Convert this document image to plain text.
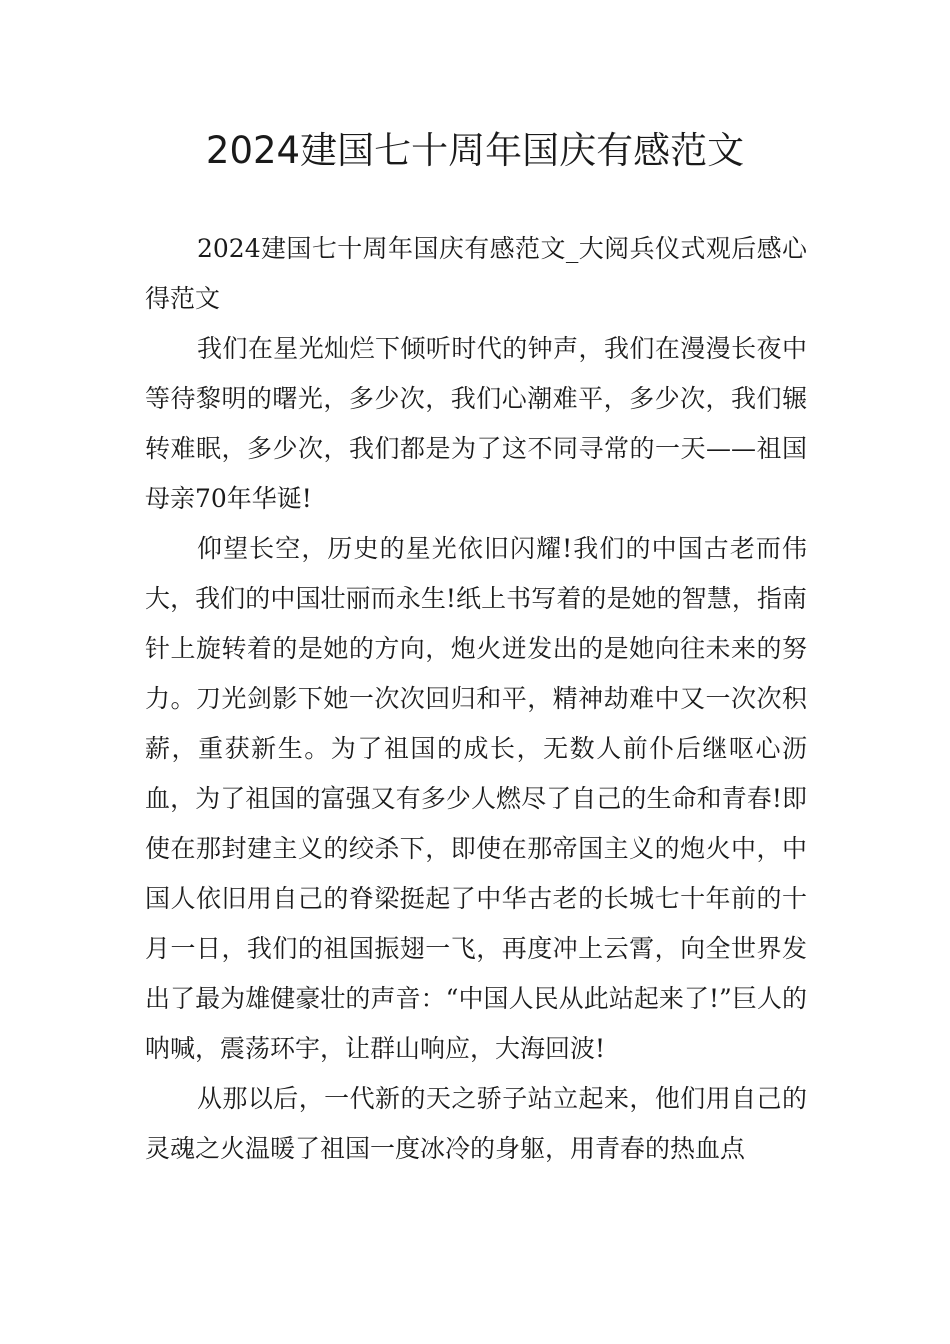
2024建国七十周年国庆有感范文

2024建国七十周年国庆有感范文_大阅兵仪式观后感心得范文

我们在星光灿烂下倾听时代的钟声，我们在漫漫长夜中等待黎明的曙光，多少次，我们心潮难平，多少次，我们辗转难眠，多少次，我们都是为了这不同寻常的一天——祖国母亲70年华诞!

仰望长空，历史的星光依旧闪耀!我们的中国古老而伟大，我们的中国壮丽而永生!纸上书写着的是她的智慧，指南针上旋转着的是她的方向，炮火迸发出的是她向往未来的努力。刀光剑影下她一次次回归和平，精神劫难中又一次次积薪，重获新生。为了祖国的成长，无数人前仆后继呕心沥血，为了祖国的富强又有多少人燃尽了自己的生命和青春!即使在那封建主义的绞杀下，即使在那帝国主义的炮火中，中国人依旧用自己的脊梁挺起了中华古老的长城七十年前的十月一日，我们的祖国振翅一飞，再度冲上云霄，向全世界发出了最为雄健豪壮的声音：“中国人民从此站起来了!”巨人的呐喊，震荡环宇，让群山响应，大海回波!

从那以后，一代新的天之骄子站立起来，他们用自己的灵魂之火温暖了祖国一度冰冷的身躯，用青春的热血点
